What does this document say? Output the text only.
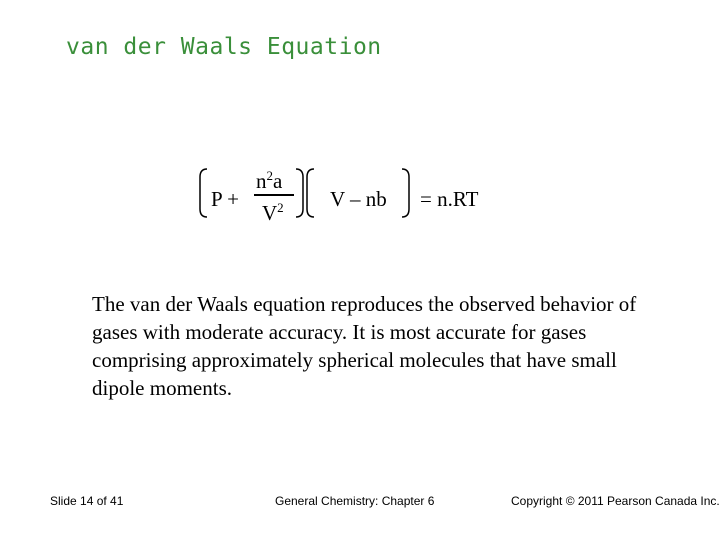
van der Waals Equation
P +
$n^2a$
$V^2$ V – nb = n.RT
The van der Waals equation reproduces the observed behavior of gases with moderate accuracy. It is most accurate for gases comprising approximately spherical molecules that have small dipole moments.
Slide 14 of 41	General Chemistry: Chapter 6	Copyright © 2011 Pearson Canada Inc.
